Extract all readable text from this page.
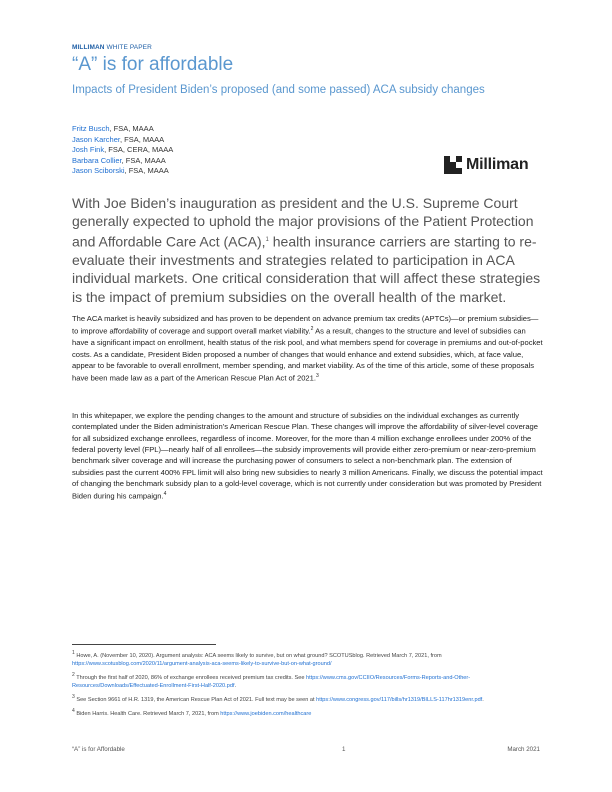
MILLIMAN WHITE PAPER
“A” is for affordable
Impacts of President Biden’s proposed (and some passed) ACA subsidy changes
Fritz Busch, FSA, MAAA
Jason Karcher, FSA, MAAA
Josh Fink, FSA, CERA, MAAA
Barbara Collier, FSA, MAAA
Jason Sciborski, FSA, MAAA	Milliman
With Joe Biden’s inauguration as president and the U.S. Supreme Court generally expected to uphold the major provisions of the Patient Protection and Affordable Care Act (ACA),$^1$ health insurance carriers are starting to re-evaluate their investments and strategies related to participation in ACA individual markets. One critical consideration that will affect these strategies is the impact of premium subsidies on the overall health of the market.
The ACA market is heavily subsidized and has proven to be dependent on advance premium tax credits (APTCs)—or premium subsidies—to improve affordability of coverage and support overall market viability.$^2$ As a result, changes to the structure and level of subsidies can have a significant impact on enrollment, health status of the risk pool, and what members spend for coverage in premiums and out-of-pocket costs. As a candidate, President Biden proposed a number of changes that would enhance and extend subsidies, which, at face value, appear to be favorable to overall enrollment, member spending, and market viability. As of the time of this article, some of these proposals have been made law as a part of the American Rescue Plan Act of 2021.$^3$
In this whitepaper, we explore the pending changes to the amount and structure of subsidies on the individual exchanges as currently contemplated under the Biden administration’s American Rescue Plan. These changes will improve the affordability of silver-level coverage for all subsidized exchange enrollees, regardless of income. Moreover, for the more than 4 million exchange enrollees under 200% of the federal poverty level (FPL)—nearly half of all enrollees—the subsidy improvements will provide either zero-premium or near-zero-premium benchmark silver coverage and will increase the purchasing power of consumers to select a non-benchmark plan. The extension of subsidies past the current 400% FPL limit will also bring new subsidies to nearly 3 million Americans. Finally, we discuss the potential impact of changing the benchmark subsidy plan to a gold-level coverage, which is not currently under consideration but was promoted by President Biden during his campaign.$^4$
$^1$ Howe, A. (November 10, 2020). Argument analysis: ACA seems likely to survive, but on what ground? SCOTUSblog. Retrieved March 7, 2021, from https://www.scotusblog.com/2020/11/argument-analysis-aca-seems-likely-to-survive-but-on-what-ground/
$^2$ Through the first half of 2020, 86% of exchange enrollees received premium tax credits. See https://www.cms.gov/CCIIO/Resources/Forms-Reports-and-Other-Resources/Downloads/Effectuated-Enrollment-First-Half-2020.pdf.
$^3$ See Section 9661 of H.R. 1319, the American Rescue Plan Act of 2021. Full text may be seen at https://www.congress.gov/117/bills/hr1319/BILLS-117hr1319enr.pdf.
$^4$ Biden Harris. Health Care. Retrieved March 7, 2021, from https://www.joebiden.com/healthcare
“A” is for Affordable	1	March 2021
